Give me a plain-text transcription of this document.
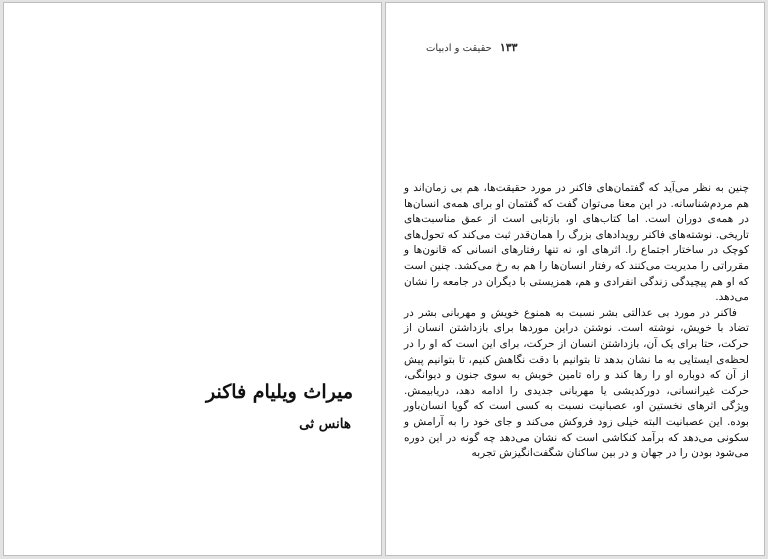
میراث ویلیام فاکنر
هانس ثی
۱۳۳حقیقت و ادبیات

چنین به نظر می‌آید که گفتمان‌های فاکنر در مورد حقیقت‌ها، هم بی زمان‌اند و هم مردم‌شناسانه. در این معنا می‌توان گفت که گفتمان او برای همه‌ی انسان‌ها در همه‌ی دوران است. اما کتاب‌های او، بازتابی است از عمق مناسبت‌های تاریخی. نوشته‌های فاکنر رویدادهای بزرگ را همان‌قدر ثبت می‌کند که تحول‌های کوچک در ساختار اجتماع را. اثرهای او، نه تنها رفتارهای انسانی که قانون‌ها و مقرراتی را مدیریت می‌کنند که رفتار انسان‌ها را هم به رخ می‌کشد. چنین است که او هم پیچیدگی زندگی انفرادی و هم، همزیستی با دیگران در جامعه را نشان می‌دهد.

فاکنر در مورد بی عدالتی بشر نسبت به همنوع خویش و مهربانی بشر در تضاد با خویش، نوشته است. نوشتن دراین موردها برای بازداشتن انسان از حرکت، حتا برای یک آن، بازداشتن انسان از حرکت، برای این است که او را در لحظه‌ی ایستایی به ما نشان بدهد تا بتوانیم با دقت نگاهش کنیم، تا بتوانیم پیش از آن که دوباره او را رها کند و راه تامین خویش به سوی جنون و دیوانگی، حرکت غیرانسانی، دورکدیشی یا مهربانی جدیدی را ادامه دهد، دریابیمش. ویژگی اثرهای نخستین او، عصبانیت نسبت به کسی است که گویا انسان‌باور بوده. این عصبانیت البته خیلی زود فروکش می‌کند و جای خود را به آرامش و سکونی می‌دهد که برآمد کنکاشی است که نشان می‌دهد چه گونه در این دوره می‌شود بودن را در جهان و در بین ساکنان شگفت‌انگیزش تجربه
